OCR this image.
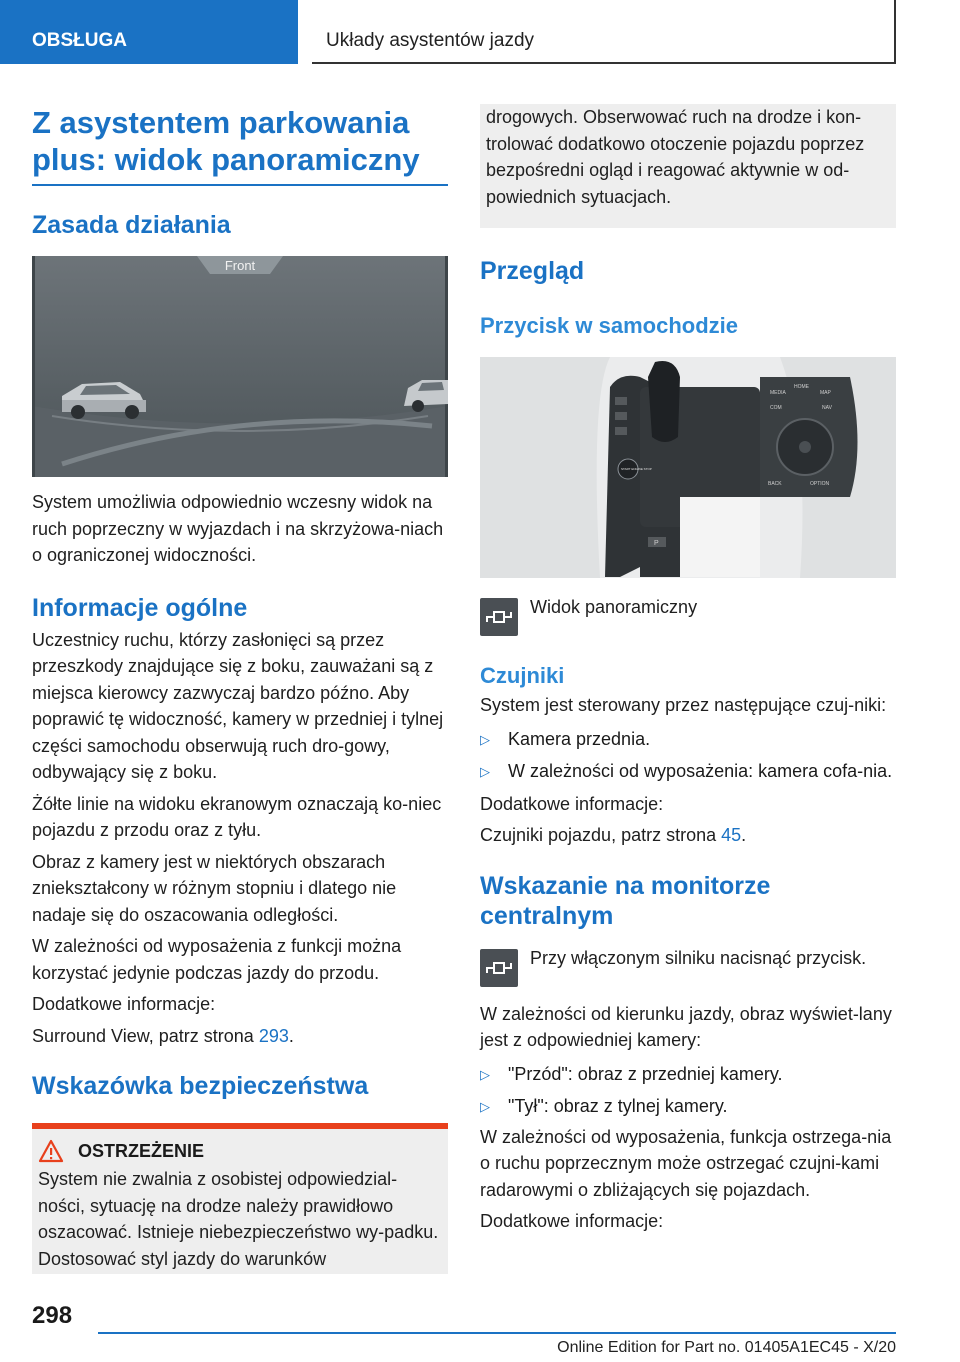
OBSŁUGA	Układy asystentów jazdy
Z asystentem parkowania plus: widok panoramiczny
Zasada działania
Front
System umożliwia odpowiednio wczesny widok na ruch poprzeczny w wyjazdach i na skrzyżowa-niach o ograniczonej widoczności.
Informacje ogólne
Uczestnicy ruchu, którzy zasłonięci są przez przeszkody znajdujące się z boku, zauważani są z miejsca kierowcy zazwyczaj bardzo późno. Aby poprawić tę widoczność, kamery w przedniej i tylnej części samochodu obserwują ruch dro-gowy, odbywający się z boku.
Żółte linie na widoku ekranowym oznaczają ko-niec pojazdu z przodu oraz z tyłu.
Obraz z kamery jest w niektórych obszarach zniekształcony w różnym stopniu i dlatego nie nadaje się do oszacowania odległości.
W zależności od wyposażenia z funkcji można korzystać jedynie podczas jazdy do przodu.
Dodatkowe informacje:
Surround View, patrz strona 293.
Wskazówka bezpieczeństwa
OSTRZEŻENIE
System nie zwalnia z osobistej odpowiedzial-ności, sytuację na drodze należy prawidłowo oszacować. Istnieje niebezpieczeństwo wy-padku. Dostosować styl jazdy do warunków
drogowych. Obserwować ruch na drodze i kon-trolować dodatkowo otoczenie pojazdu poprzez bezpośredni ogląd i reagować aktywnie w od-powiednich sytuacjach.
Przegląd
Przycisk w samochodzie
MEDIA
HOME
MAP
COM	NAV
BACK	OPTION
START ENGINE STOP
P
Widok panoramiczny
Czujniki
System jest sterowany przez następujące czuj-niki:
▷	Kamera przednia.
▷	W zależności od wyposażenia: kamera cofa-nia.
Dodatkowe informacje:
Czujniki pojazdu, patrz strona 45.
Wskazanie na monitorze centralnym
Przy włączonym silniku nacisnąć przycisk.
W zależności od kierunku jazdy, obraz wyświet-lany jest z odpowiedniej kamery:
▷	"Przód": obraz z przedniej kamery.
▷	"Tył": obraz z tylnej kamery.
W zależności od wyposażenia, funkcja ostrzega-nia o ruchu poprzecznym może ostrzegać czujni-kami radarowymi o zbliżających się pojazdach.
Dodatkowe informacje:
298
Online Edition for Part no. 01405A1EC45 - X/20
